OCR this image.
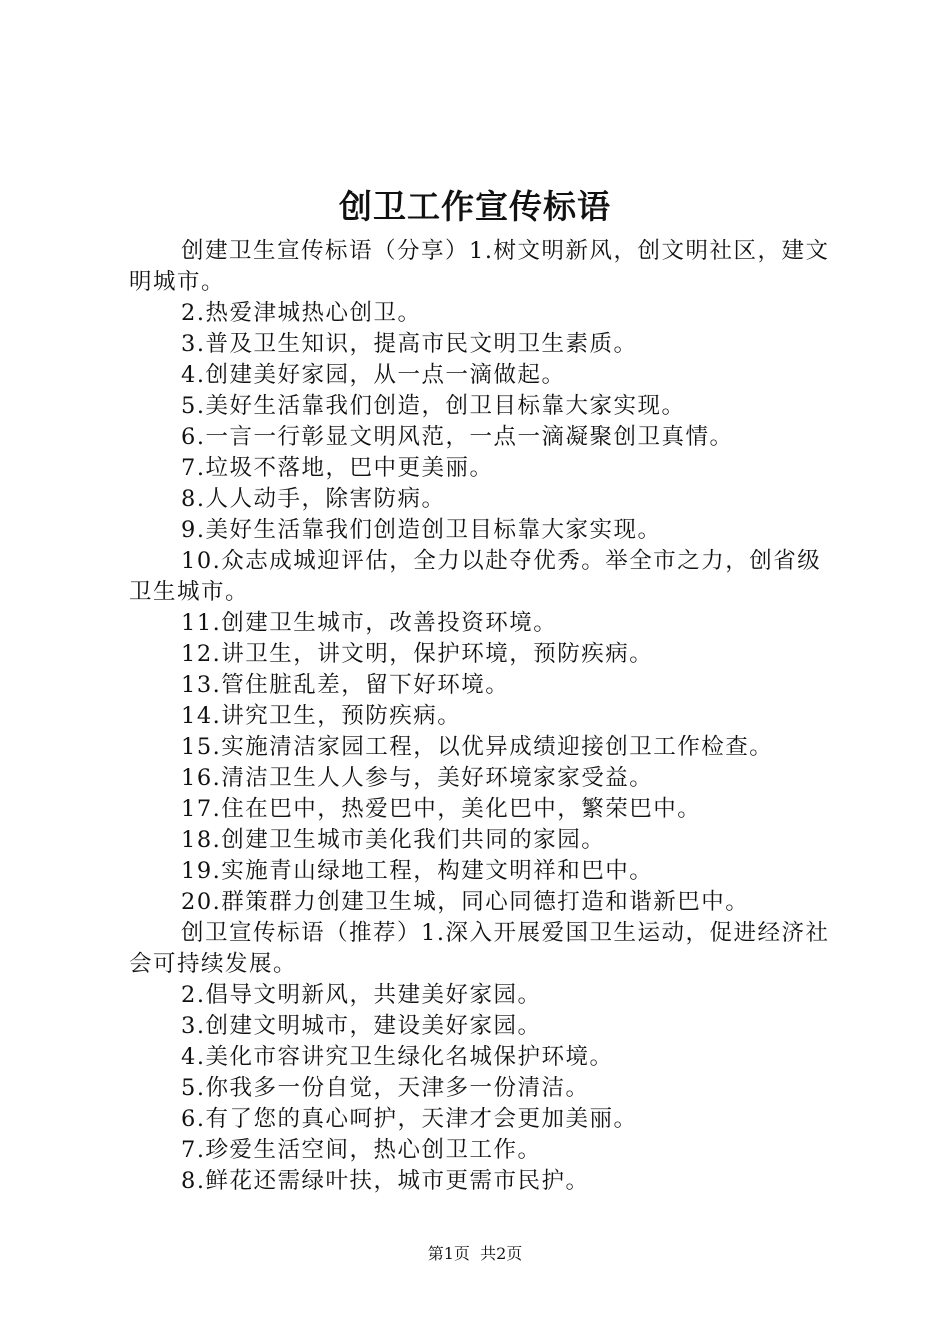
创卫工作宣传标语

创建卫生宣传标语（分享）1.树文明新风，创文明社区，建文明城市。

2.热爱津城热心创卫。

3.普及卫生知识，提高市民文明卫生素质。

4.创建美好家园，从一点一滴做起。

5.美好生活靠我们创造，创卫目标靠大家实现。

6.一言一行彰显文明风范，一点一滴凝聚创卫真情。

7.垃圾不落地，巴中更美丽。

8.人人动手，除害防病。

9.美好生活靠我们创造创卫目标靠大家实现。

10.众志成城迎评估，全力以赴夺优秀。举全市之力，创省级卫生城市。

11.创建卫生城市，改善投资环境。

12.讲卫生，讲文明，保护环境，预防疾病。

13.管住脏乱差，留下好环境。

14.讲究卫生，预防疾病。

15.实施清洁家园工程，以优异成绩迎接创卫工作检查。

16.清洁卫生人人参与，美好环境家家受益。

17.住在巴中，热爱巴中，美化巴中，繁荣巴中。

18.创建卫生城市美化我们共同的家园。

19.实施青山绿地工程，构建文明祥和巴中。

20.群策群力创建卫生城，同心同德打造和谐新巴中。

创卫宣传标语（推荐）1.深入开展爱国卫生运动，促进经济社会可持续发展。

2.倡导文明新风，共建美好家园。

3.创建文明城市，建设美好家园。

4.美化市容讲究卫生绿化名城保护环境。

5.你我多一份自觉，天津多一份清洁。

6.有了您的真心呵护，天津才会更加美丽。

7.珍爱生活空间，热心创卫工作。

8.鲜花还需绿叶扶，城市更需市民护。

第1页 共2页
